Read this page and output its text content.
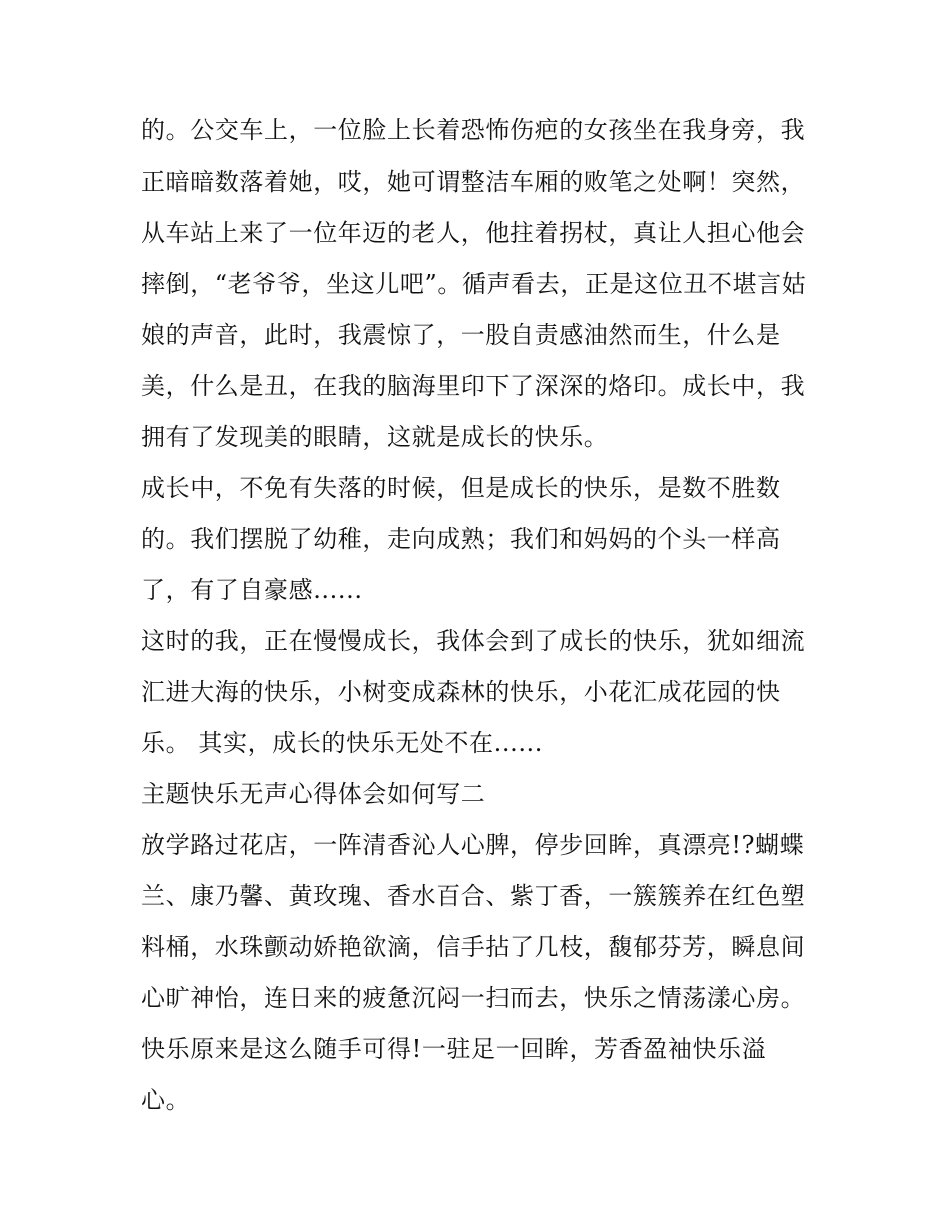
的。公交车上，一位脸上长着恐怖伤疤的女孩坐在我身旁，我
正暗暗数落着她，哎，她可谓整洁车厢的败笔之处啊！突然，
从车站上来了一位年迈的老人，他拄着拐杖，真让人担心他会
摔倒，“老爷爷，坐这儿吧”。循声看去，正是这位丑不堪言姑
娘的声音，此时，我震惊了，一股自责感油然而生，什么是
美，什么是丑，在我的脑海里印下了深深的烙印。成长中，我
拥有了发现美的眼睛，这就是成长的快乐。
成长中，不免有失落的时候，但是成长的快乐，是数不胜数
的。我们摆脱了幼稚，走向成熟；我们和妈妈的个头一样高
了，有了自豪感......
这时的我，正在慢慢成长，我体会到了成长的快乐，犹如细流
汇进大海的快乐，小树变成森林的快乐，小花汇成花园的快
乐。 其实，成长的快乐无处不在......
主题快乐无声心得体会如何写二
放学路过花店，一阵清香沁人心脾，停步回眸，真漂亮!?蝴蝶
兰、康乃馨、黄玫瑰、香水百合、紫丁香，一簇簇养在红色塑
料桶，水珠颤动娇艳欲滴，信手拈了几枝，馥郁芬芳，瞬息间
心旷神怡，连日来的疲惫沉闷一扫而去，快乐之情荡漾心房。
快乐原来是这么随手可得!一驻足一回眸，芳香盈袖快乐溢
心。
